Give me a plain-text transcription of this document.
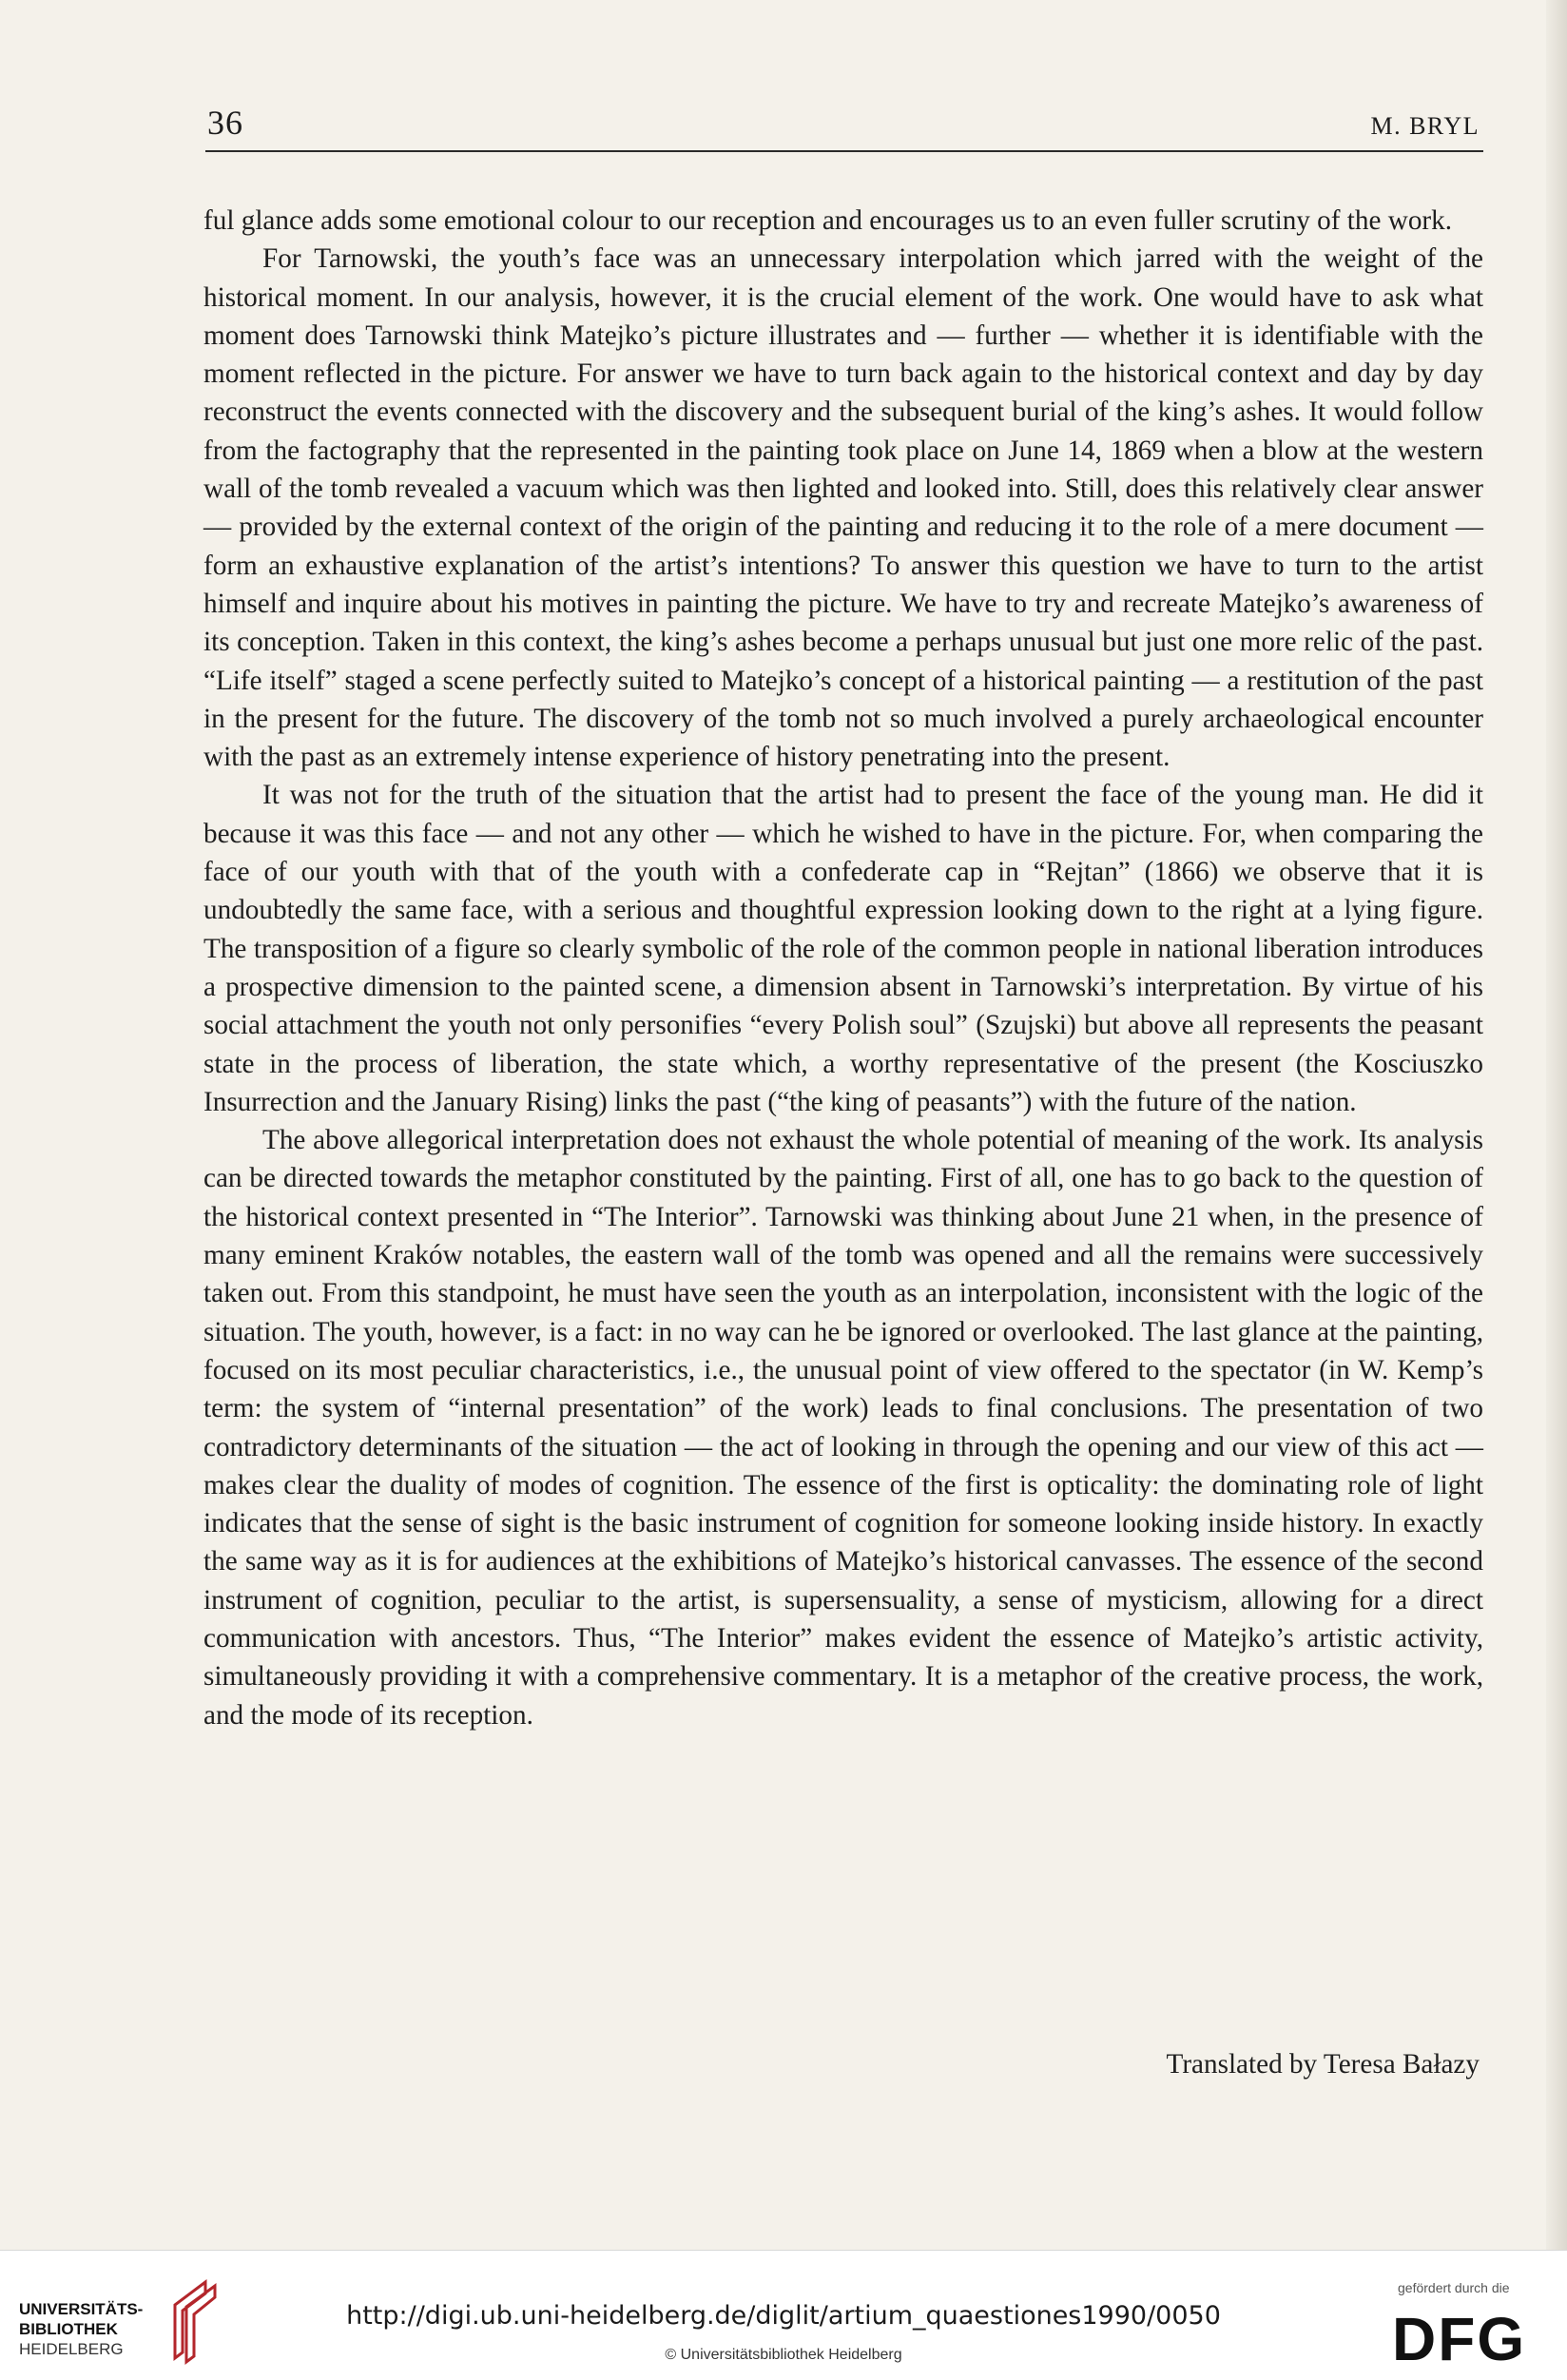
36	M. BRYL

ful glance adds some emotional colour to our reception and encourages us to an even fuller scrutiny of the work.

For Tarnowski, the youth’s face was an unnecessary interpolation which jarred with the weight of the historical moment. In our analysis, however, it is the crucial element of the work. One would have to ask what moment does Tarnowski think Matejko’s picture illustrates and — further — whether it is identifiable with the moment reflected in the picture. For answer we have to turn back again to the historical context and day by day reconstruct the events connected with the discovery and the subsequent burial of the king’s ashes. It would follow from the factography that the represented in the painting took place on June 14, 1869 when a blow at the western wall of the tomb revealed a vacuum which was then lighted and looked into. Still, does this relatively clear answer — provided by the external context of the origin of the painting and reducing it to the role of a mere document — form an exhaustive explanation of the artist’s intentions? To answer this question we have to turn to the artist himself and inquire about his motives in painting the picture. We have to try and recreate Matejko’s awareness of its conception. Taken in this context, the king’s ashes become a perhaps unusual but just one more relic of the past. “Life itself” staged a scene perfectly suited to Matejko’s concept of a historical painting — a restitution of the past in the present for the future. The discovery of the tomb not so much involved a purely archaeological encounter with the past as an extremely intense experience of history penetrating into the present.

It was not for the truth of the situation that the artist had to present the face of the young man. He did it because it was this face — and not any other — which he wished to have in the picture. For, when comparing the face of our youth with that of the youth with a confederate cap in “Rejtan” (1866) we observe that it is undoubtedly the same face, with a serious and thoughtful expression looking down to the right at a lying figure. The transposition of a figure so clearly symbolic of the role of the common people in national liberation introduces a prospective dimension to the painted scene, a dimension absent in Tarnowski’s interpretation. By virtue of his social attachment the youth not only personifies “every Polish soul” (Szujski) but above all represents the peasant state in the process of liberation, the state which, a worthy representative of the present (the Kosciuszko Insurrection and the January Rising) links the past (“the king of peasants”) with the future of the nation.

The above allegorical interpretation does not exhaust the whole potential of meaning of the work. Its analysis can be directed towards the metaphor constituted by the painting. First of all, one has to go back to the question of the historical context presented in “The Interior”. Tarnowski was thinking about June 21 when, in the presence of many eminent Kraków notables, the eastern wall of the tomb was opened and all the remains were successively taken out. From this standpoint, he must have seen the youth as an interpolation, inconsistent with the logic of the situation. The youth, however, is a fact: in no way can he be ignored or overlooked. The last glance at the painting, focused on its most peculiar characteristics, i.e., the unusual point of view offered to the spectator (in W. Kemp’s term: the system of “internal presentation” of the work) leads to final conclusions. The presentation of two contradictory determinants of the situation — the act of looking in through the opening and our view of this act — makes clear the duality of modes of cognition. The essence of the first is opticality: the dominating role of light indicates that the sense of sight is the basic instrument of cognition for someone looking inside history. In exactly the same way as it is for audiences at the exhibitions of Matejko’s historical canvasses. The essence of the second instrument of cognition, peculiar to the artist, is supersensuality, a sense of mysticism, allowing for a direct communication with ancestors. Thus, “The Interior” makes evident the essence of Matejko’s artistic activity, simultaneously providing it with a comprehensive commentary. It is a metaphor of the creative process, the work, and the mode of its reception.

Translated by Teresa Bałazy
UNIVERSITÄTS-
BIBLIOTHEK
HEIDELBERG
http://digi.ub.uni-heidelberg.de/diglit/artium_quaestiones1990/0050
© Universitätsbibliothek Heidelberg
gefördert durch die
DFG
